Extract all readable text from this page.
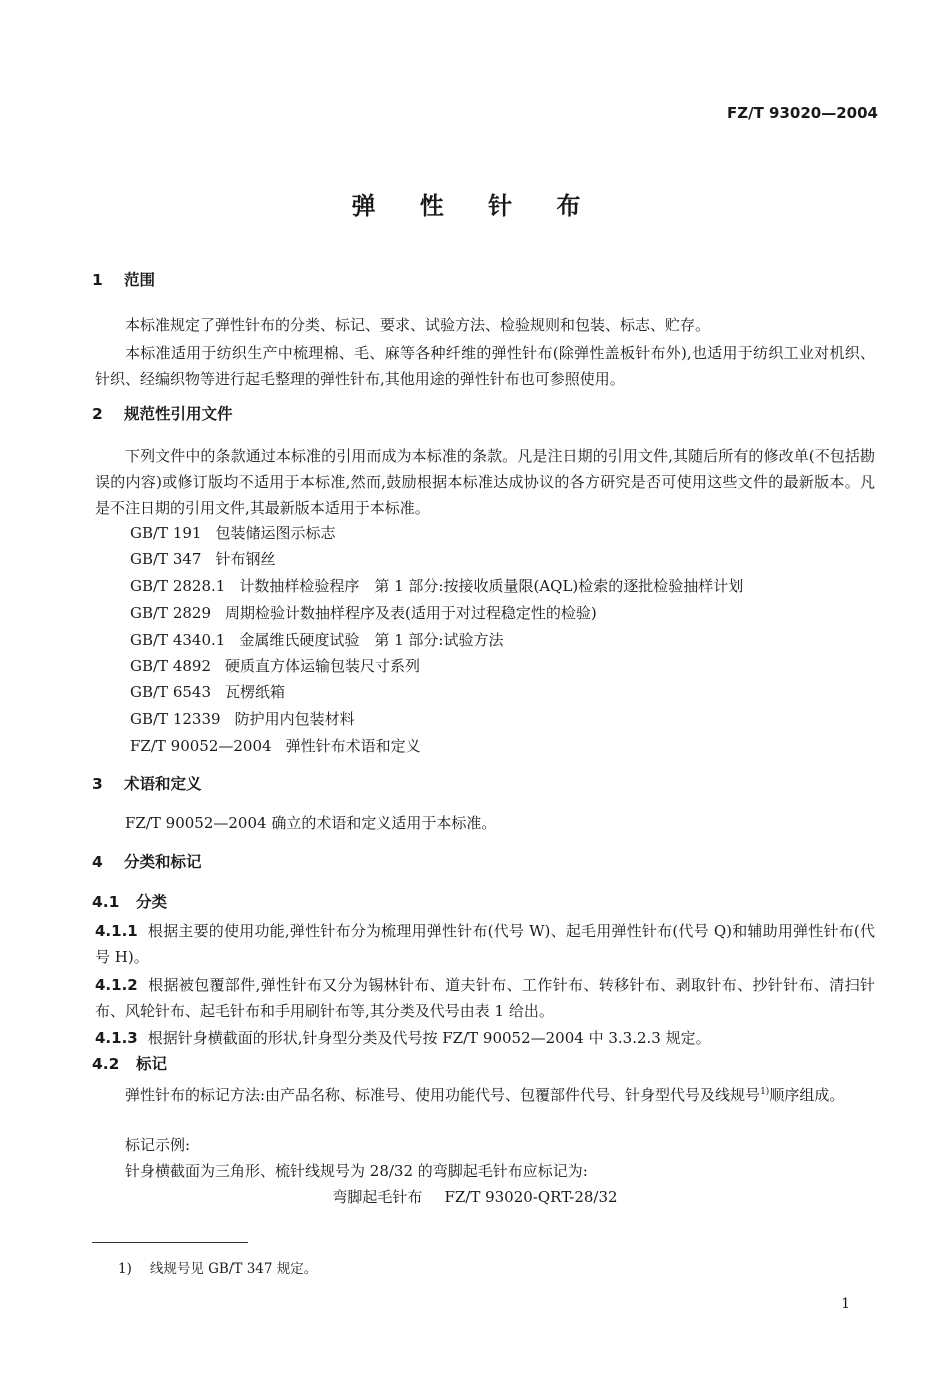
FZ/T 93020—2004
弹 性 针 布
1 范围
本标准规定了弹性针布的分类、标记、要求、试验方法、检验规则和包装、标志、贮存。
本标准适用于纺织生产中梳理棉、毛、麻等各种纤维的弹性针布(除弹性盖板针布外),也适用于纺织工业对机织、针织、经编织物等进行起毛整理的弹性针布,其他用途的弹性针布也可参照使用。
2 规范性引用文件
下列文件中的条款通过本标准的引用而成为本标准的条款。凡是注日期的引用文件,其随后所有的修改单(不包括勘误的内容)或修订版均不适用于本标准,然而,鼓励根据本标准达成协议的各方研究是否可使用这些文件的最新版本。凡是不注日期的引用文件,其最新版本适用于本标准。
GB/T 191 包装储运图示标志
GB/T 347 针布钢丝
GB/T 2828.1 计数抽样检验程序　第 1 部分:按接收质量限(AQL)检索的逐批检验抽样计划
GB/T 2829 周期检验计数抽样程序及表(适用于对过程稳定性的检验)
GB/T 4340.1 金属维氏硬度试验　第 1 部分:试验方法
GB/T 4892 硬质直方体运输包装尺寸系列
GB/T 6543 瓦楞纸箱
GB/T 12339 防护用内包装材料
FZ/T 90052—2004 弹性针布术语和定义
3 术语和定义
FZ/T 90052—2004 确立的术语和定义适用于本标准。
4 分类和标记
4.1 分类
4.1.1 根据主要的使用功能,弹性针布分为梳理用弹性针布(代号 W)、起毛用弹性针布(代号 Q)和辅助用弹性针布(代号 H)。
4.1.2 根据被包覆部件,弹性针布又分为锡林针布、道夫针布、工作针布、转移针布、剥取针布、抄针针布、清扫针布、风轮针布、起毛针布和手用刷针布等,其分类及代号由表 1 给出。
4.1.3 根据针身横截面的形状,针身型分类及代号按 FZ/T 90052—2004 中 3.3.2.3 规定。
4.2 标记
弹性针布的标记方法:由产品名称、标准号、使用功能代号、包覆部件代号、针身型代号及线规号$^{1)}$顺序组成。
标记示例:
针身横截面为三角形、梳针线规号为 28/32 的弯脚起毛针布应标记为:
弯脚起毛针布 FZ/T 93020-QRT-28/32
1) 线规号见 GB/T 347 规定。
1
